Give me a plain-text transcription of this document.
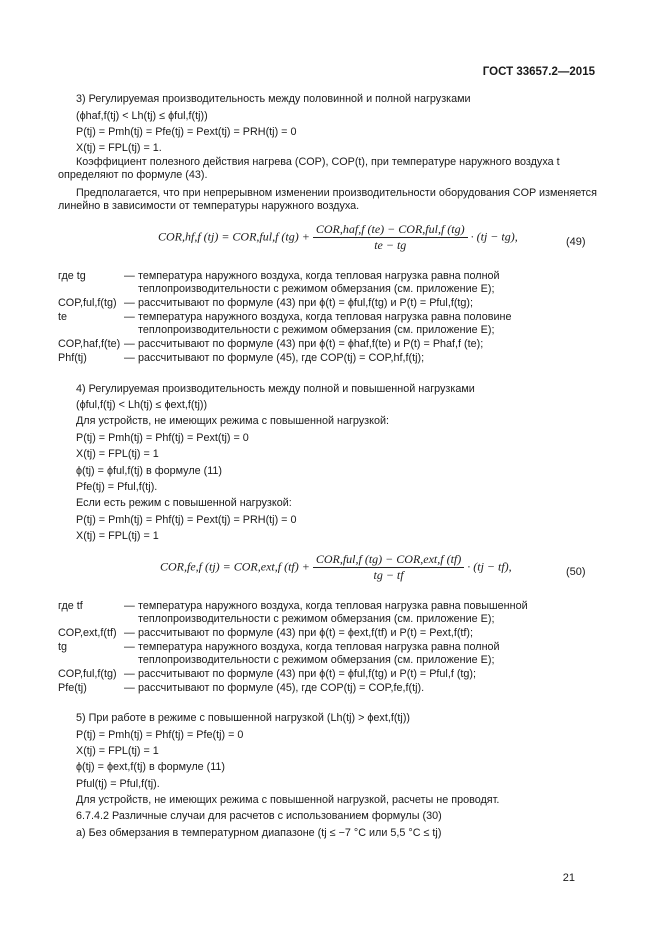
ГОСТ 33657.2—2015
3) Регулируемая производительность между половинной и полной нагрузками
(ϕhaf,f(tj) < Lh(tj) ≤ ϕful,f(tj))
P(tj) = Pmh(tj) = Pfe(tj) = Pext(tj) = PRH(tj) = 0
X(tj) = FPL(tj) = 1.
Коэффициент полезного действия нагрева (COP), COP(t), при температуре наружного воздуха t определяют по формуле (43).
Предполагается, что при непрерывном изменении производительности оборудования COP изменяется линейно в зависимости от температуры наружного воздуха.
COR,hf,f (tj) = COR,ful,f $(tg) + \frac{\text{COR,haf,f (te) − COR,ful,f (tg)}}{te - tg} \cdot (tj - tg)$,	(49)
где tg	— температура наружного воздуха, когда тепловая нагрузка равна полной теплопроизводительности с режимом обмерзания (см. приложение Е);
COP,ful,f(tg) — рассчитывают по формуле (43) при ϕ(t) = ϕful,f(tg) и P(t) = Pful,f(tg);
te	— температура наружного воздуха, когда тепловая нагрузка равна половине теплопроизводительности с режимом обмерзания (см. приложение Е);
COP,haf,f(te) — рассчитывают по формуле (43) при ϕ(t) = ϕhaf,f(te) и P(t) = Phaf,f (te);
Phf(tj)	— рассчитывают по формуле (45), где COP(tj) = COP,hf,f(tj);
4) Регулируемая производительность между полной и повышенной нагрузками
(ϕful,f(tj) < Lh(tj) ≤ ϕext,f(tj))
Для устройств, не имеющих режима с повышенной нагрузкой:
P(tj) = Pmh(tj) = Phf(tj) = Pext(tj) = 0
X(tj) = FPL(tj) = 1
ϕ(tj) = ϕful,f(tj) в формуле (11)
Pfe(tj) = Pful,f(tj).
Если есть режим с повышенной нагрузкой:
P(tj) = Pmh(tj) = Phf(tj) = Pext(tj) = PRH(tj) = 0
X(tj) = FPL(tj) = 1
COR,fe,f (tj) = COR,ext,f $(tf) + \frac{\text{COR,ful,f (tg) − COR,ext,f (tf)}}{tg - tf} \cdot (tj - tf)$,	(50)
где tf	— температура наружного воздуха, когда тепловая нагрузка равна повышенной теплопроизводительности с режимом обмерзания (см. приложение Е);
COP,ext,f(tf) — рассчитывают по формуле (43) при ϕ(t) = ϕext,f(tf) и P(t) = Pext,f(tf);
tg	— температура наружного воздуха, когда тепловая нагрузка равна полной теплопроизводительности с режимом обмерзания (см. приложение Е);
COP,ful,f(tg) — рассчитывают по формуле (43) при ϕ(t) = ϕful,f(tg) и P(t) = Pful,f (tg);
Pfe(tj)	— рассчитывают по формуле (45), где COP(tj) = COP,fe,f(tj).
5) При работе в режиме с повышенной нагрузкой (Lh(tj) > ϕext,f(tj))
P(tj) = Pmh(tj) = Phf(tj) = Pfe(tj) = 0
X(tj) = FPL(tj) = 1
ϕ(tj) = ϕext,f(tj) в формуле (11)
Pful(tj) = Pful,f(tj).
Для устройств, не имеющих режима с повышенной нагрузкой, расчеты не проводят.
6.7.4.2 Различные случаи для расчетов с использованием формулы (30)
а) Без обмерзания в температурном диапазоне (tj ≤ −7 °С или 5,5 °С ≤ tj)
21
